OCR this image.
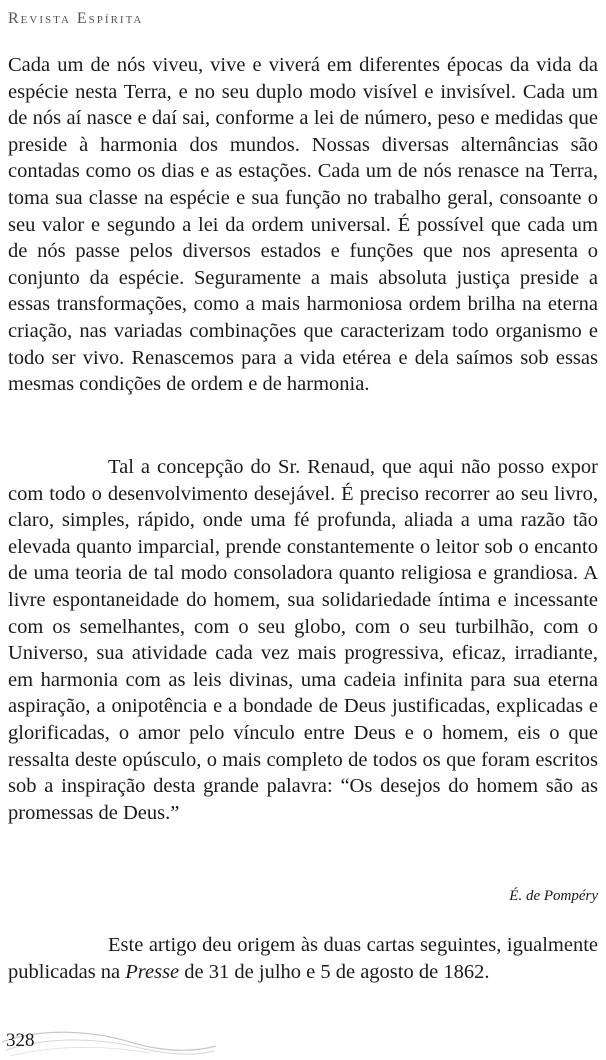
Revista Espírita

Cada um de nós viveu, vive e viverá em diferentes épocas da vida da espécie nesta Terra, e no seu duplo modo visível e invisível. Cada um de nós aí nasce e daí sai, conforme a lei de número, peso e medidas que preside à harmonia dos mundos. Nossas diversas alternâncias são contadas como os dias e as estações. Cada um de nós renasce na Terra, toma sua classe na espécie e sua função no trabalho geral, consoante o seu valor e segundo a lei da ordem universal. É possível que cada um de nós passe pelos diversos estados e funções que nos apresenta o conjunto da espécie. Seguramente a mais absoluta justiça preside a essas transformações, como a mais harmoniosa ordem brilha na eterna criação, nas variadas combinações que caracterizam todo organismo e todo ser vivo. Renascemos para a vida etérea e dela saímos sob essas mesmas condições de ordem e de harmonia.

Tal a concepção do Sr. Renaud, que aqui não posso expor com todo o desenvolvimento desejável. É preciso recorrer ao seu livro, claro, simples, rápido, onde uma fé profunda, aliada a uma razão tão elevada quanto imparcial, prende constantemente o leitor sob o encanto de uma teoria de tal modo consoladora quanto religiosa e grandiosa. A livre espontaneidade do homem, sua solidariedade íntima e incessante com os semelhantes, com o seu globo, com o seu turbilhão, com o Universo, sua atividade cada vez mais progressiva, eficaz, irradiante, em harmonia com as leis divinas, uma cadeia infinita para sua eterna aspiração, a onipotência e a bondade de Deus justificadas, explicadas e glorificadas, o amor pelo vínculo entre Deus e o homem, eis o que ressalta deste opúsculo, o mais completo de todos os que foram escritos sob a inspiração desta grande palavra: “Os desejos do homem são as promessas de Deus.”

É. de Pompéry

Este artigo deu origem às duas cartas seguintes, igualmente publicadas na Presse de 31 de julho e 5 de agosto de 1862.

328
